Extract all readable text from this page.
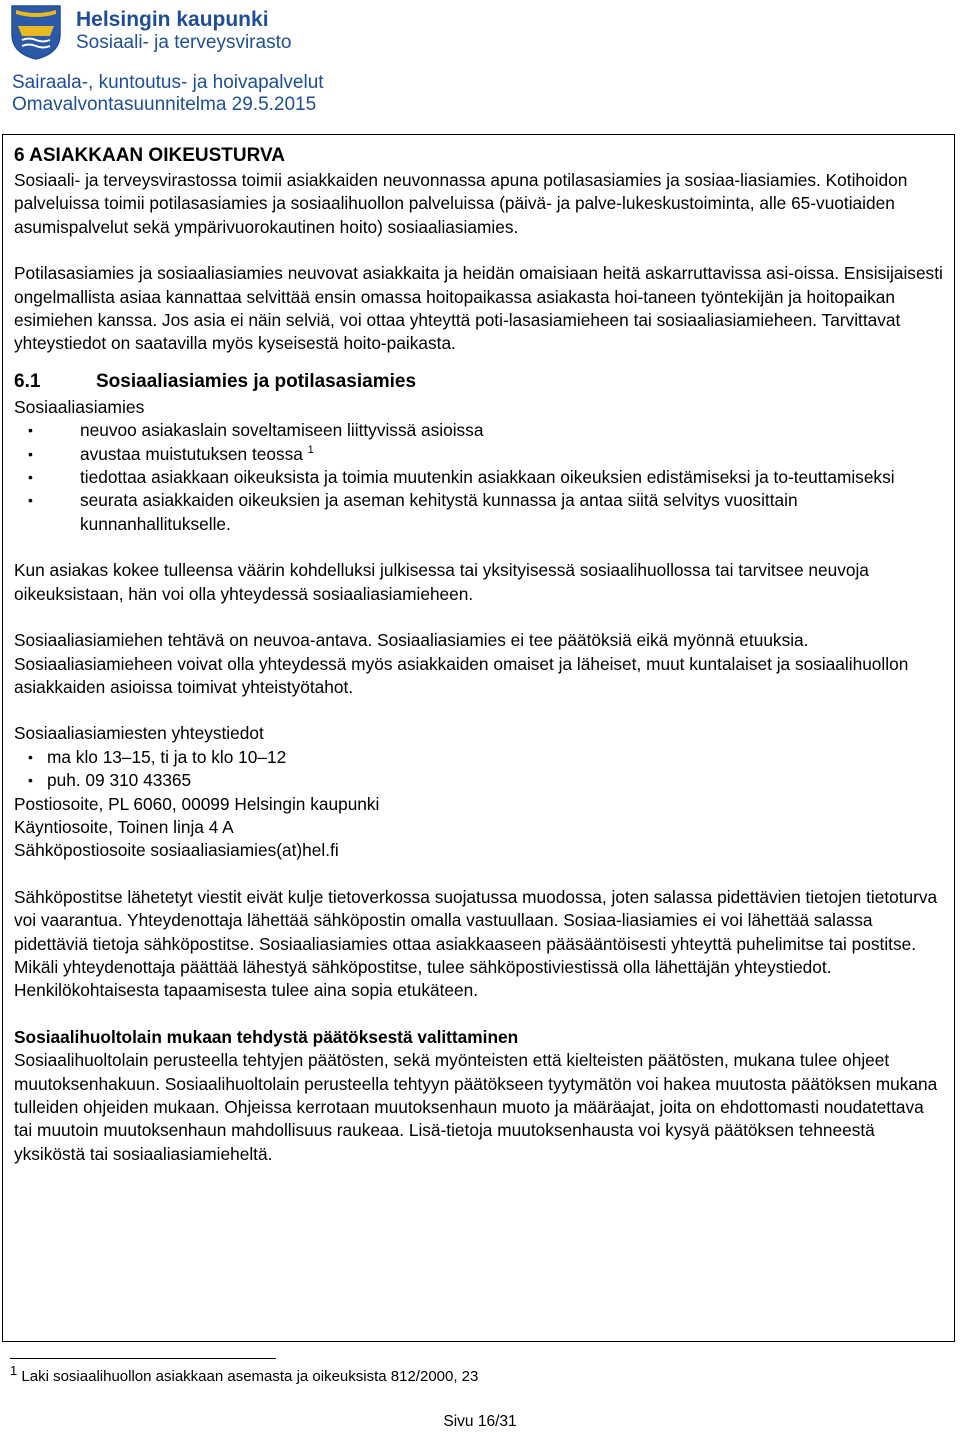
Helsingin kaupunki
Sosiaali- ja terveysvirasto
Sairaala-, kuntoutus- ja hoivapalvelut
Omavalvontasuunnitelma 29.5.2015
6 ASIAKKAAN OIKEUSTURVA

Sosiaali- ja terveysvirastossa toimii asiakkaiden neuvonnassa apuna potilasasiamies ja sosiaa-liasiamies. Kotihoidon palveluissa toimii potilasasiamies ja sosiaalihuollon palveluissa (päivä- ja palve-lukeskustoiminta, alle 65-vuotiaiden asumispalvelut sekä ympärivuorokautinen hoito) sosiaaliasiamies.

Potilasasiamies ja sosiaaliasiamies neuvovat asiakkaita ja heidän omaisiaan heitä askarruttavissa asi-oissa. Ensisijaisesti ongelmallista asiaa kannattaa selvittää ensin omassa hoitopaikassa asiakasta hoi-taneen työntekijän ja hoitopaikan esimiehen kanssa. Jos asia ei näin selviä, voi ottaa yhteyttä poti-lasasiamieheen tai sosiaaliasiamieheen. Tarvittavat yhteystiedot on saatavilla myös kyseisestä hoito-paikasta.

6.1	Sosiaaliasiamies ja potilasasiamies

Sosiaaliasiamies

• neuvoo asiakaslain soveltamiseen liittyvissä asioissa
• avustaa muistutuksen teossa $^1$
• tiedottaa asiakkaan oikeuksista ja toimia muutenkin asiakkaan oikeuksien edistämiseksi ja to-teuttamiseksi
• seurata asiakkaiden oikeuksien ja aseman kehitystä kunnassa ja antaa siitä selvitys vuosittain kunnanhallitukselle.

Kun asiakas kokee tulleensa väärin kohdelluksi julkisessa tai yksityisessä sosiaalihuollossa tai tarvitsee neuvoja oikeuksistaan, hän voi olla yhteydessä sosiaaliasiamieheen.

Sosiaaliasiamiehen tehtävä on neuvoa-antava. Sosiaaliasiamies ei tee päätöksiä eikä myönnä etuuksia.

Sosiaaliasiamieheen voivat olla yhteydessä myös asiakkaiden omaiset ja läheiset, muut kuntalaiset ja sosiaalihuollon asiakkaiden asioissa toimivat yhteistyötahot.

Sosiaaliasiamiesten yhteystiedot

• ma klo 13–15, ti ja to klo 10–12
• puh. 09 310 43365

Postiosoite, PL 6060, 00099 Helsingin kaupunki

Käyntiosoite, Toinen linja 4 A

Sähköpostiosoite sosiaaliasiamies(at)hel.fi

Sähköpostitse lähetetyt viestit eivät kulje tietoverkossa suojatussa muodossa, joten salassa pidettävien tietojen tietoturva voi vaarantua. Yhteydenottaja lähettää sähköpostin omalla vastuullaan. Sosiaa-liasiamies ei voi lähettää salassa pidettäviä tietoja sähköpostitse. Sosiaaliasiamies ottaa asiakkaaseen pääsääntöisesti yhteyttä puhelimitse tai postitse. Mikäli yhteydenottaja päättää lähestyä sähköpostitse, tulee sähköpostiviestissä olla lähettäjän yhteystiedot. Henkilökohtaisesta tapaamisesta tulee aina sopia etukäteen.

Sosiaalihuoltolain mukaan tehdystä päätöksestä valittaminen

Sosiaalihuoltolain perusteella tehtyjen päätösten, sekä myönteisten että kielteisten päätösten, mukana tulee ohjeet muutoksenhakuun. Sosiaalihuoltolain perusteella tehtyyn päätökseen tyytymätön voi hakea muutosta päätöksen mukana tulleiden ohjeiden mukaan. Ohjeissa kerrotaan muutoksenhaun muoto ja määräajat, joita on ehdottomasti noudatettava tai muutoin muutoksenhaun mahdollisuus raukeaa. Lisä-tietoja muutoksenhausta voi kysyä päätöksen tehneestä yksiköstä tai sosiaaliasiamieheltä.

$^1$ Laki sosiaalihuollon asiakkaan asemasta ja oikeuksista 812/2000, 23
Sivu 16/31
